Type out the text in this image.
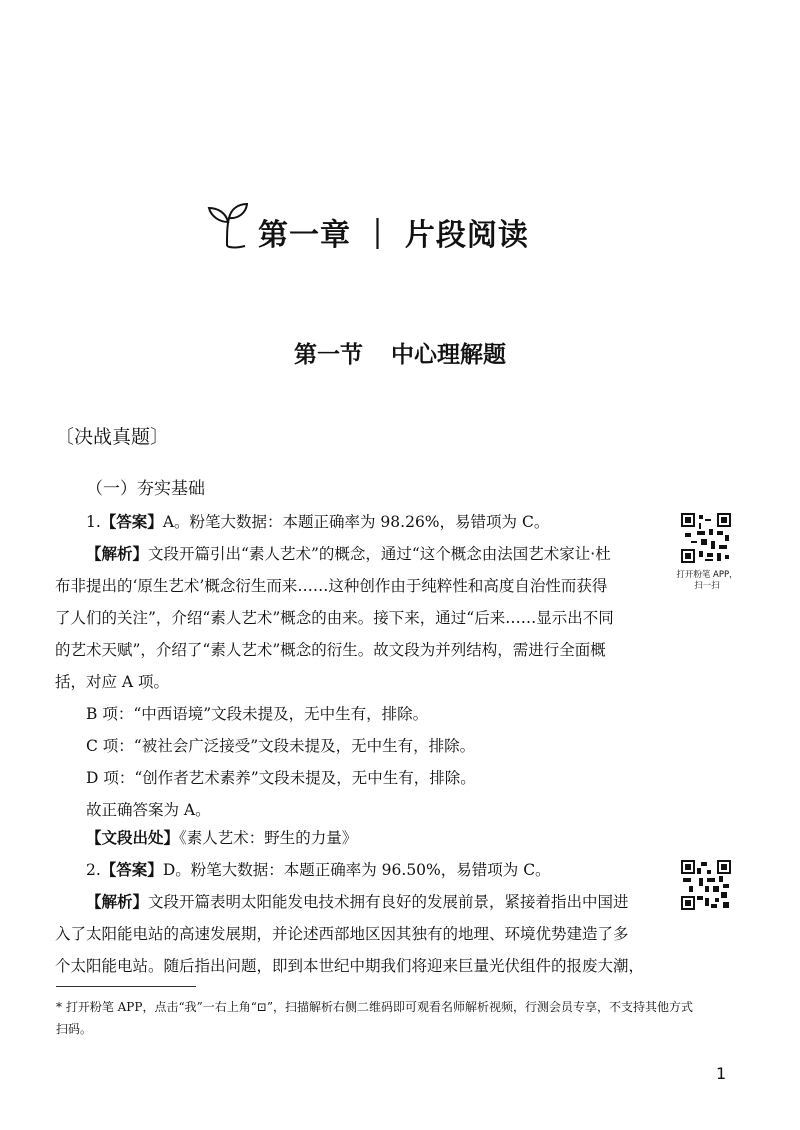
第一章 ｜ 片段阅读
第一节 中心理解题
〔决战真题〕
（一）夯实基础
1.【答案】A。粉笔大数据：本题正确率为 98.26%，易错项为 C。
【解析】文段开篇引出“素人艺术”的概念，通过“这个概念由法国艺术家让·杜
布非提出的‘原生艺术’概念衍生而来……这种创作由于纯粹性和高度自治性而获得
了人们的关注”，介绍“素人艺术”概念的由来。接下来，通过“后来……显示出不同
的艺术天赋”，介绍了“素人艺术”概念的衍生。故文段为并列结构，需进行全面概
括，对应 A 项。
B 项：“中西语境”文段未提及，无中生有，排除。
C 项：“被社会广泛接受”文段未提及，无中生有，排除。
D 项：“创作者艺术素养”文段未提及，无中生有，排除。
故正确答案为 A。
【文段出处】《素人艺术：野生的力量》
2.【答案】D。粉笔大数据：本题正确率为 96.50%，易错项为 C。
【解析】文段开篇表明太阳能发电技术拥有良好的发展前景，紧接着指出中国进
入了太阳能电站的高速发展期，并论述西部地区因其独有的地理、环境优势建造了多
打开粉笔 APP，
扫一扫
* 打开粉笔 APP，点击“我”一右上角“⊡”，扫描解析右侧二维码即可观看名师解析视频，行测会员专享，不支持其他方式扫码。
1
个太阳能电站。随后指出问题，即到本世纪中期我们将迎来巨量光伏组件的报废大潮，
